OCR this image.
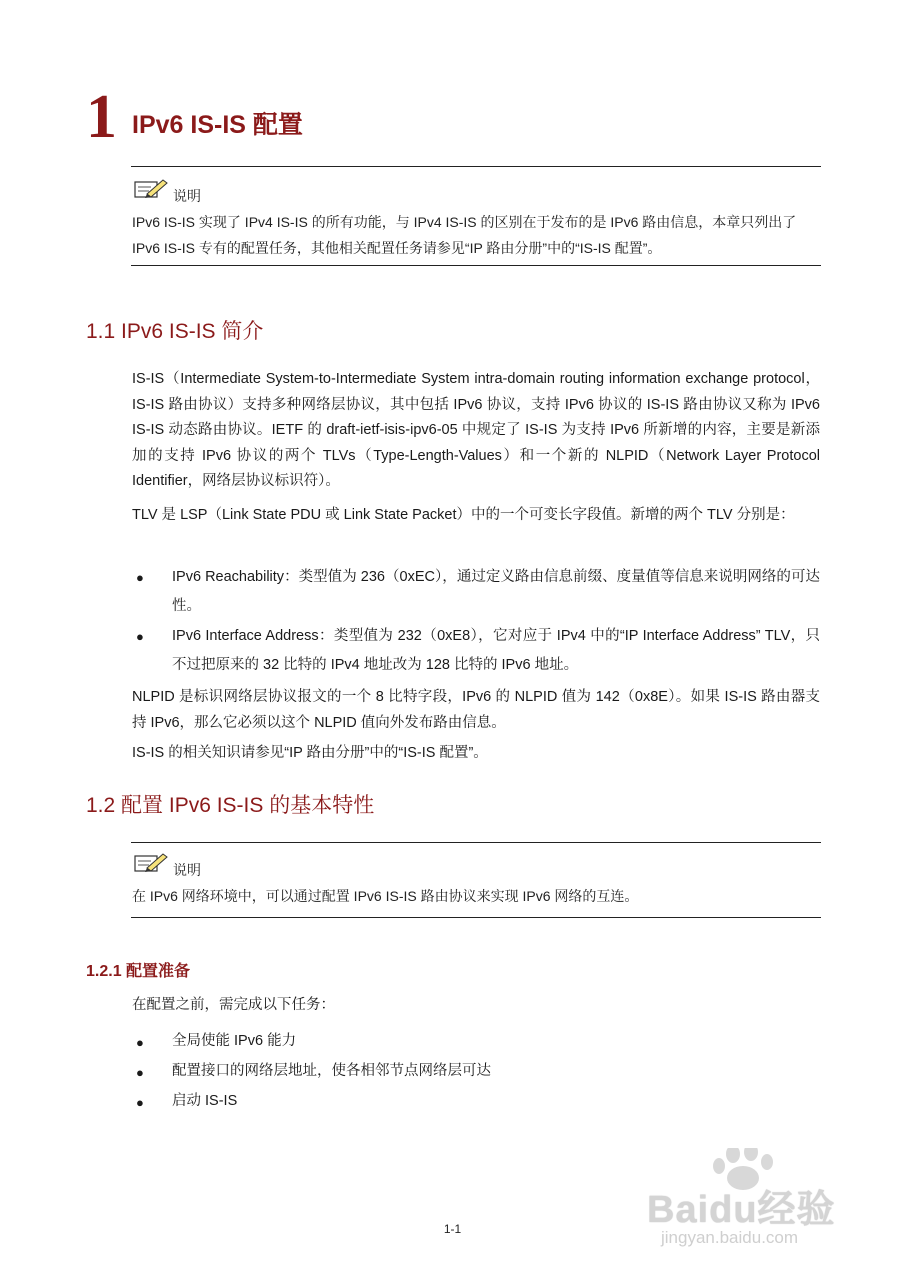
1 IPv6 IS-IS 配置
说明
IPv6 IS-IS 实现了 IPv4 IS-IS 的所有功能，与 IPv4 IS-IS 的区别在于发布的是 IPv6 路由信息，本章只列出了 IPv6 IS-IS 专有的配置任务，其他相关配置任务请参见“IP 路由分册”中的“IS-IS 配置”。
1.1 IPv6 IS-IS 简介
IS-IS（Intermediate System-to-Intermediate System intra-domain routing information exchange protocol，IS-IS 路由协议）支持多种网络层协议，其中包括 IPv6 协议，支持 IPv6 协议的 IS-IS 路由协议又称为 IPv6 IS-IS 动态路由协议。IETF 的 draft-ietf-isis-ipv6-05 中规定了 IS-IS 为支持 IPv6 所新增的内容，主要是新添加的支持 IPv6 协议的两个 TLVs（Type-Length-Values）和一个新的 NLPID（Network Layer Protocol Identifier，网络层协议标识符）。
TLV 是 LSP（Link State PDU 或 Link State Packet）中的一个可变长字段值。新增的两个 TLV 分别是：
● IPv6 Reachability：类型值为 236（0xEC），通过定义路由信息前缀、度量值等信息来说明网络的可达性。
● IPv6 Interface Address：类型值为 232（0xE8），它对应于 IPv4 中的“IP Interface Address” TLV，只不过把原来的 32 比特的 IPv4 地址改为 128 比特的 IPv6 地址。
NLPID 是标识网络层协议报文的一个 8 比特字段，IPv6 的 NLPID 值为 142（0x8E）。如果 IS-IS 路由器支持 IPv6，那么它必须以这个 NLPID 值向外发布路由信息。
IS-IS 的相关知识请参见“IP 路由分册”中的“IS-IS 配置”。
1.2 配置 IPv6 IS-IS 的基本特性
说明
在 IPv6 网络环境中，可以通过配置 IPv6 IS-IS 路由协议来实现 IPv6 网络的互连。
1.2.1 配置准备
在配置之前，需完成以下任务：
● 全局使能 IPv6 能力
● 配置接口的网络层地址，使各相邻节点网络层可达
● 启动 IS-IS
1-1	Baidu经验
jingyan.baidu.com
